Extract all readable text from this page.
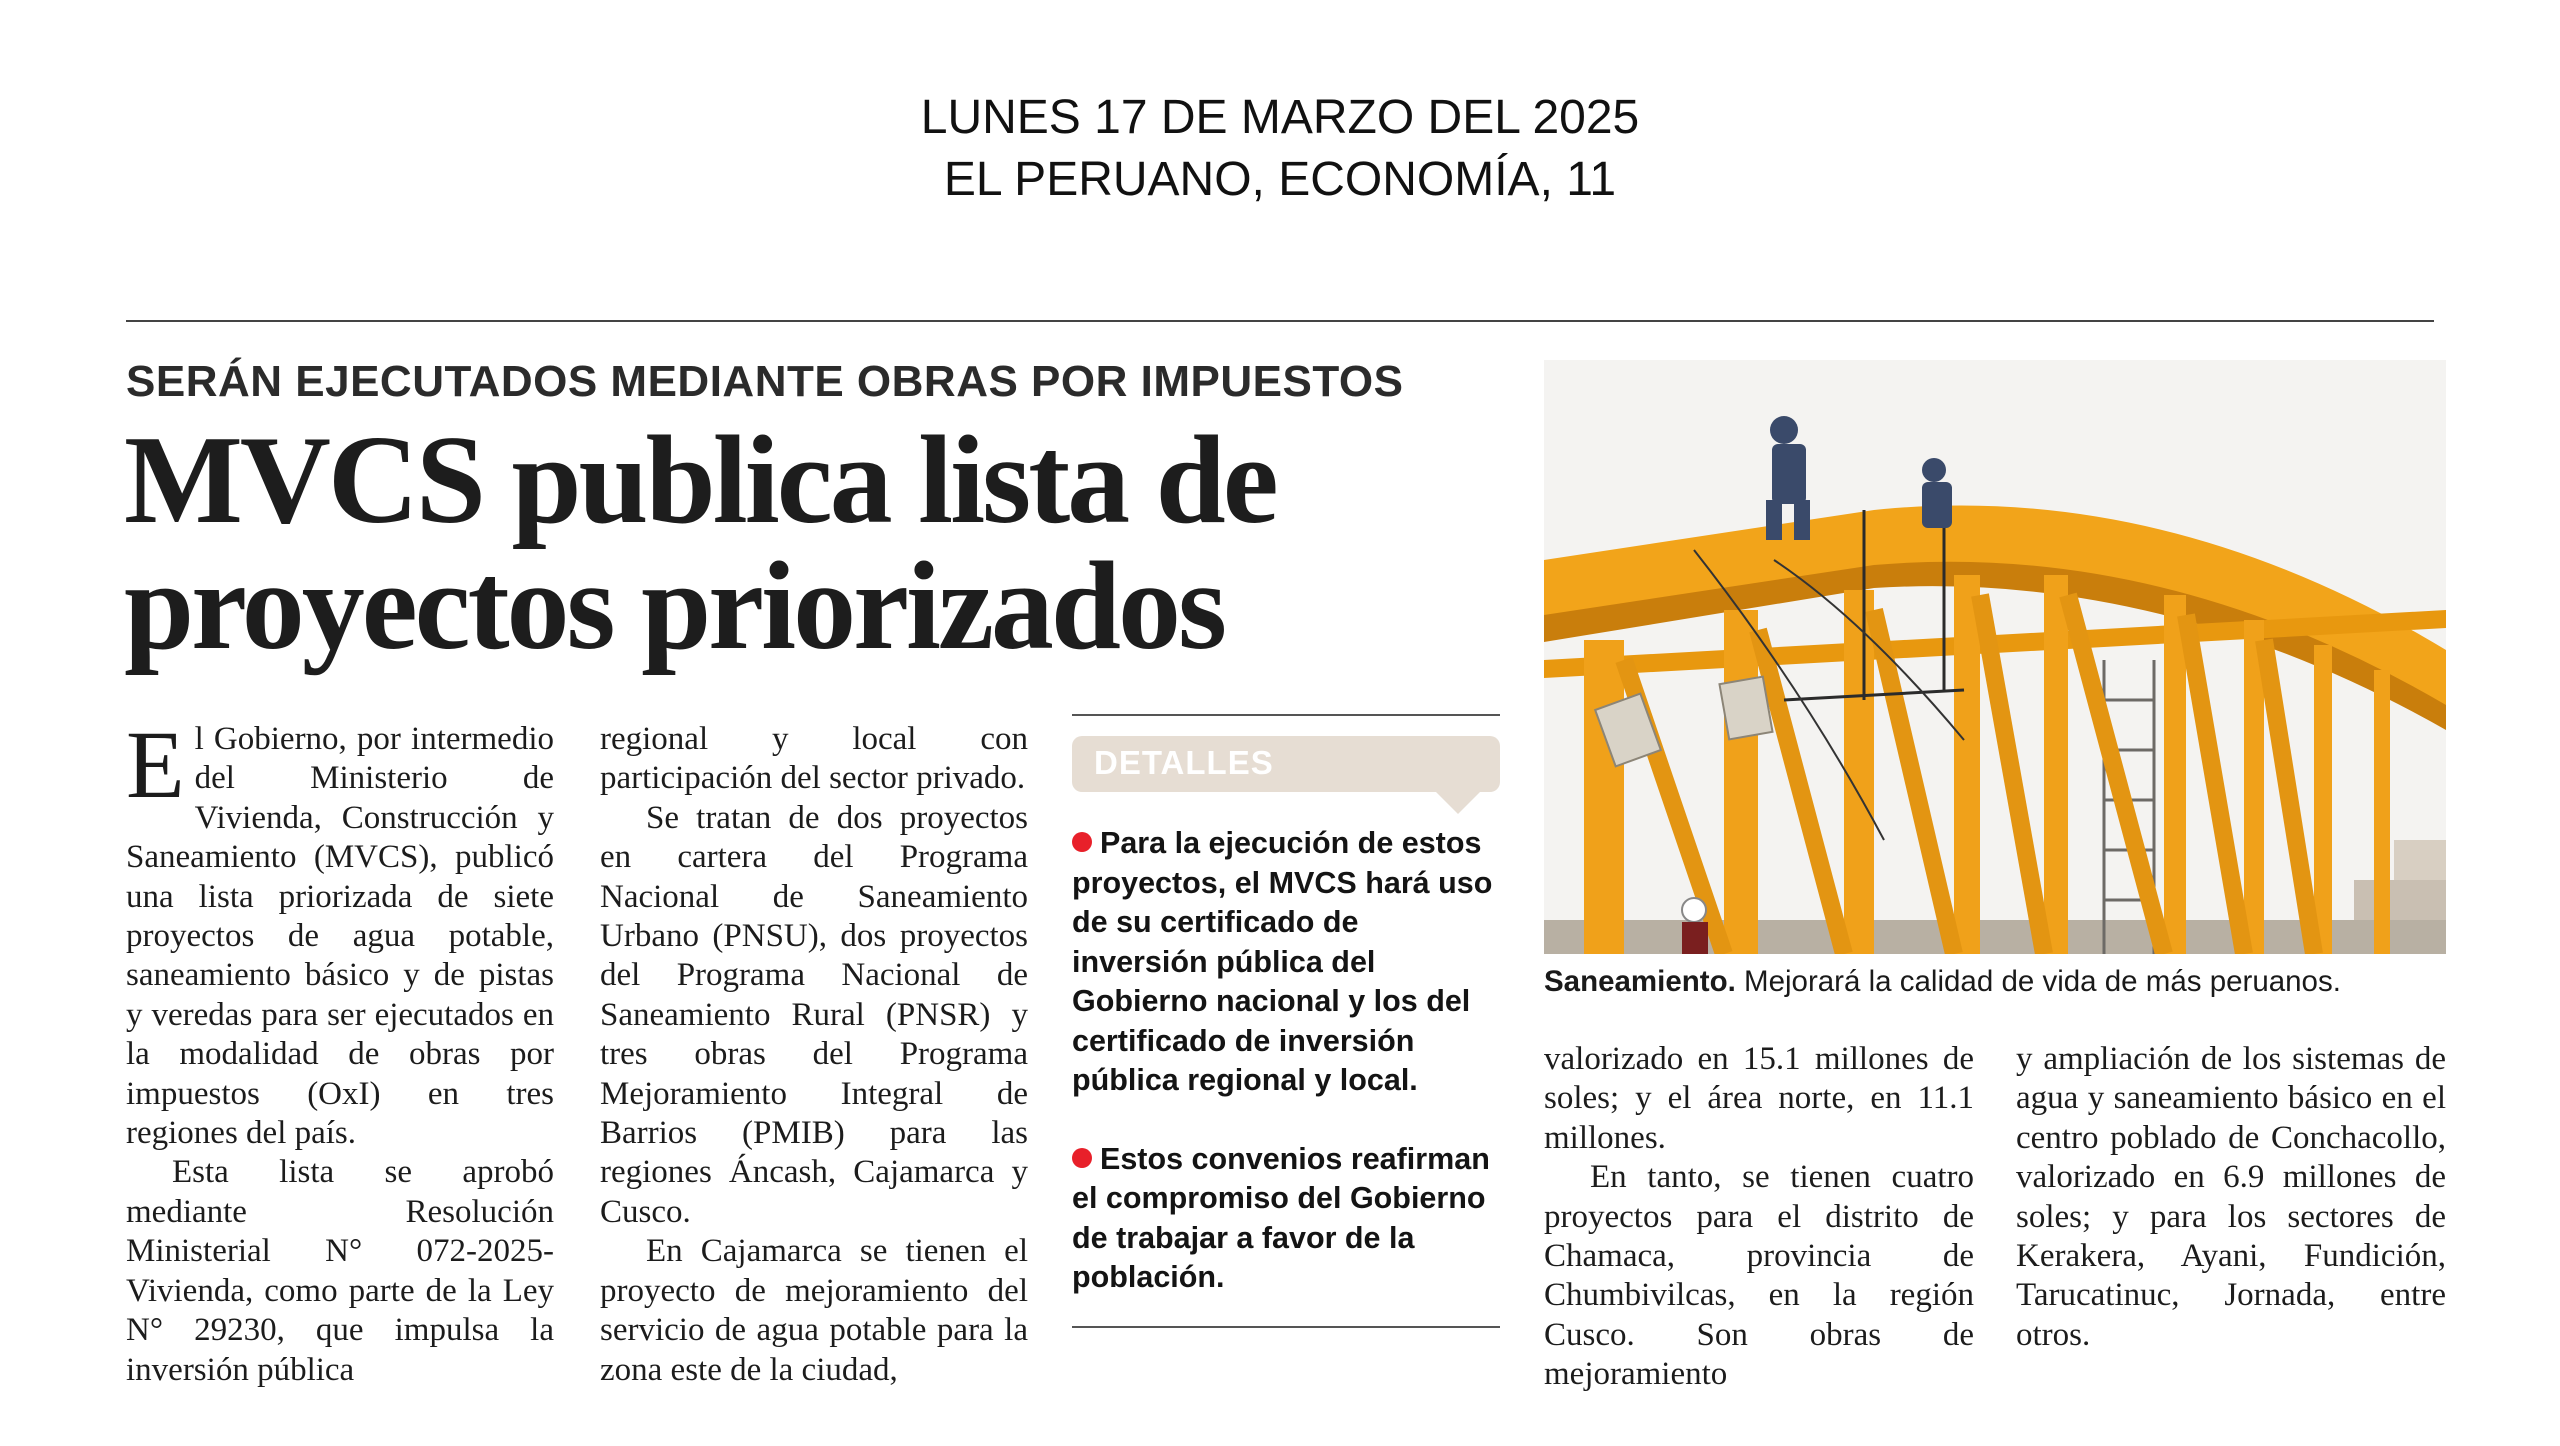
LUNES 17 DE MARZO DEL 2025
EL PERUANO, ECONOMÍA, 11
SERÁN EJECUTADOS MEDIANTE OBRAS POR IMPUESTOS
MVCS publica lista de
proyectos priorizados

El Gobierno, por intermedio del Ministerio de Vivienda, Construcción y Saneamiento (MVCS), publicó una lista priorizada de siete proyectos de agua potable, saneamiento básico y de pistas y veredas para ser ejecutados en la modalidad de obras por impuestos (OxI) en tres regiones del país.

Esta lista se aprobó mediante Resolución Ministerial N° 072-2025-Vivienda, como parte de la Ley N° 29230, que impulsa la inversión pública

regional y local con participación del sector privado.

Se tratan de dos proyectos en cartera del Programa Nacional de Saneamiento Urbano (PNSU), dos proyectos del Programa Nacional de Saneamiento Rural (PNSR) y tres obras del Programa Mejoramiento Integral de Barrios (PMIB) para las regiones Áncash, Cajamarca y Cusco.

En Cajamarca se tienen el proyecto de mejoramiento del servicio de agua potable para la zona este de la ciudad,

DETALLES

Para la ejecución de estos proyectos, el MVCS hará uso de su certificado de inversión pública del Gobierno nacional y los del certificado de inversión pública regional y local.

Estos convenios reafirman el compromiso del Gobierno de trabajar a favor de la población.

Saneamiento. Mejorará la calidad de vida de más peruanos.

valorizado en 15.1 millones de soles; y el área norte, en 11.1 millones.

En tanto, se tienen cuatro proyectos para el distrito de Chamaca, provincia de Chumbivilcas, en la región Cusco. Son obras de mejoramiento

y ampliación de los sistemas de agua y saneamiento básico en el centro poblado de Conchacollo, valorizado en 6.9 millones de soles; y para los sectores de Kerakera, Ayani, Fundición, Tarucatinuc, Jornada, entre otros.
